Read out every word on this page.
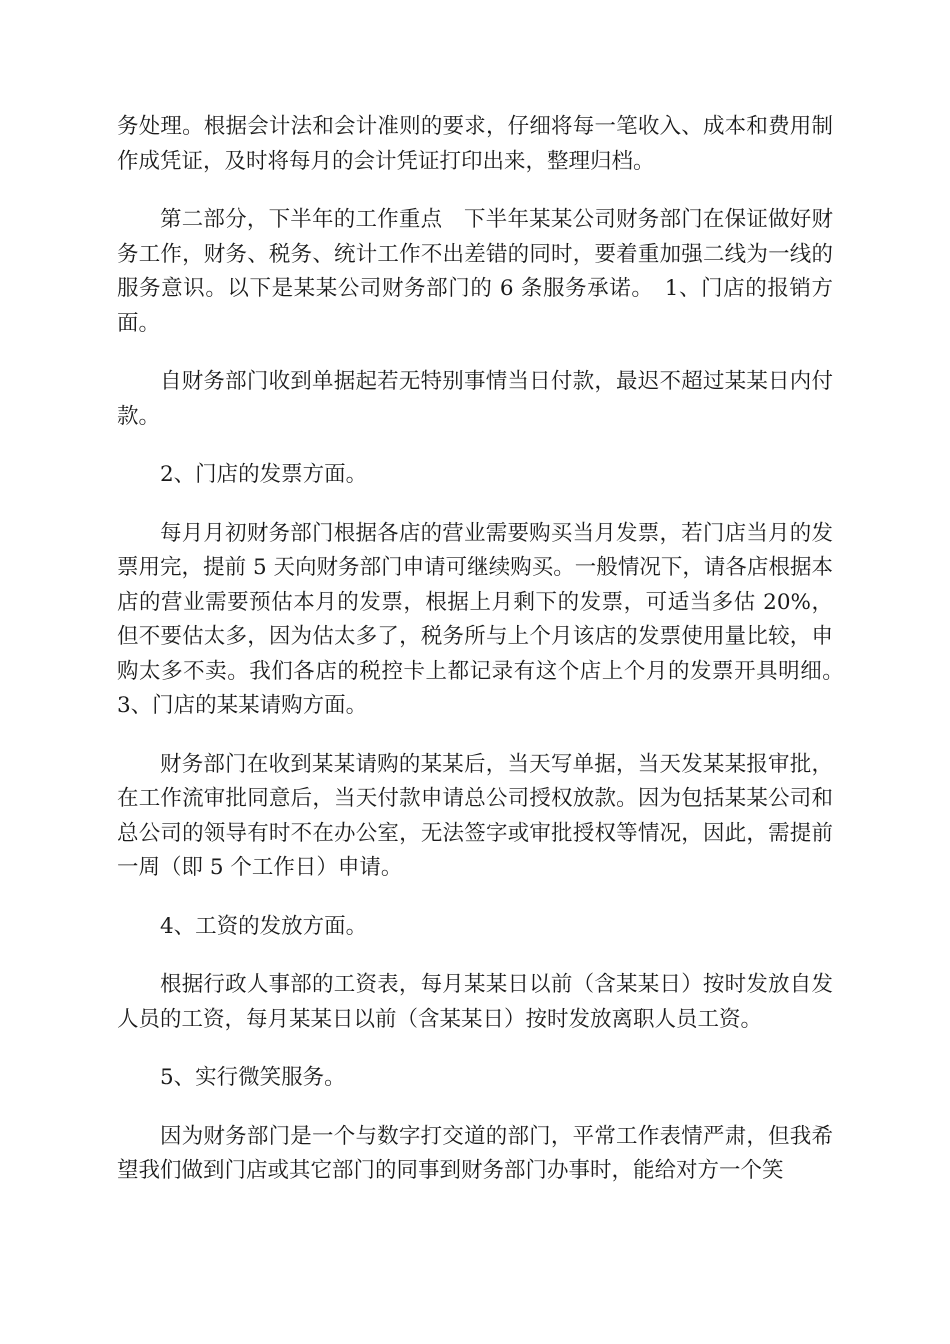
务处理。根据会计法和会计准则的要求，仔细将每一笔收入、成本和费用制作成凭证，及时将每月的会计凭证打印出来，整理归档。

第二部分，下半年的工作重点　下半年某某公司财务部门在保证做好财务工作，财务、税务、统计工作不出差错的同时，要着重加强二线为一线的服务意识。以下是某某公司财务部门的 6 条服务承诺。　1、门店的报销方面。

自财务部门收到单据起若无特别事情当日付款，最迟不超过某某日内付款。

2、门店的发票方面。

每月月初财务部门根据各店的营业需要购买当月发票，若门店当月的发票用完，提前 5 天向财务部门申请可继续购买。一般情况下，请各店根据本店的营业需要预估本月的发票，根据上月剩下的发票，可适当多估 20%，但不要估太多，因为估太多了，税务所与上个月该店的发票使用量比较，申购太多不卖。我们各店的税控卡上都记录有这个店上个月的发票开具明细。　3、门店的某某请购方面。

财务部门在收到某某请购的某某后，当天写单据，当天发某某报审批，在工作流审批同意后，当天付款申请总公司授权放款。因为包括某某公司和总公司的领导有时不在办公室，无法签字或审批授权等情况，因此，需提前一周（即 5 个工作日）申请。

4、工资的发放方面。

根据行政人事部的工资表，每月某某日以前（含某某日）按时发放自发人员的工资，每月某某日以前（含某某日）按时发放离职人员工资。

5、实行微笑服务。

因为财务部门是一个与数字打交道的部门，平常工作表情严肃，但我希望我们做到门店或其它部门的同事到财务部门办事时，能给对方一个笑
